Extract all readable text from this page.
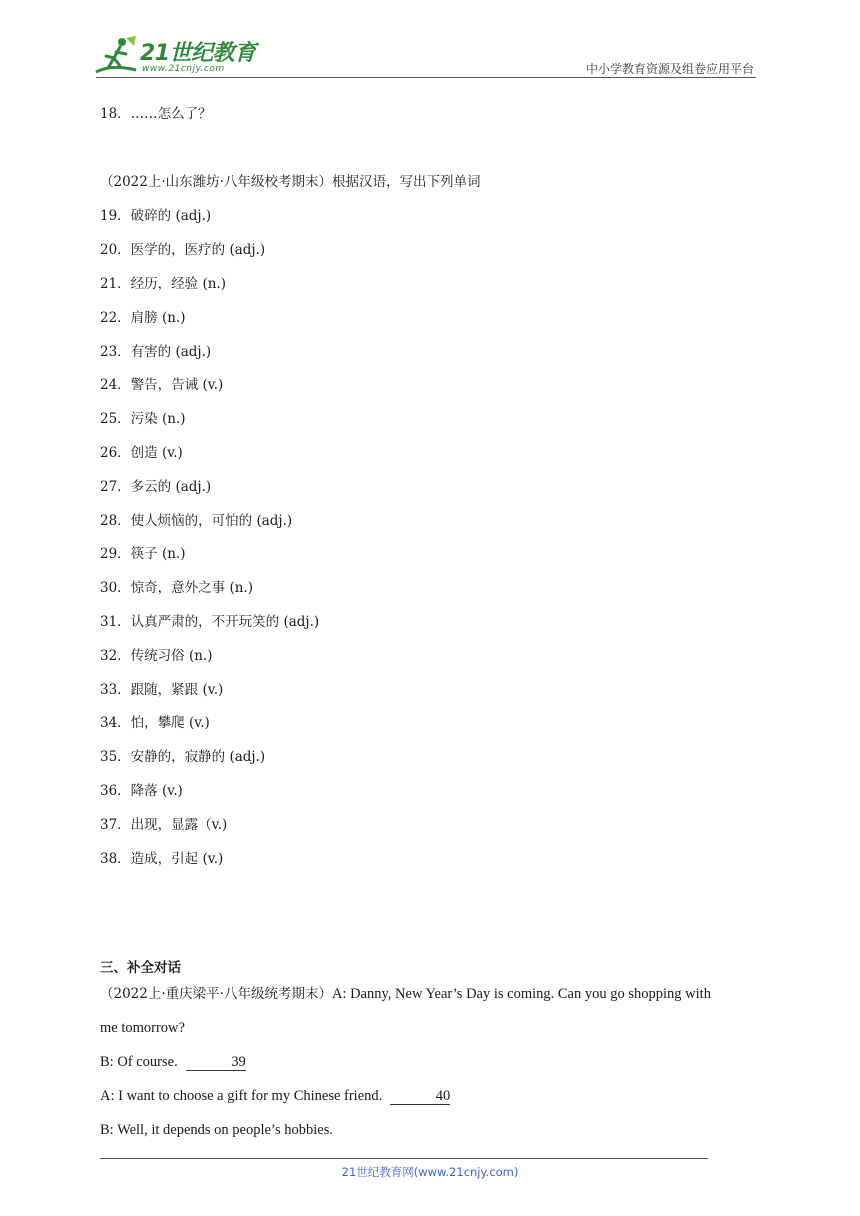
21世纪教育
www.21cnjy.com	中小学教育资源及组卷应用平台
18．……怎么了？
（2022上·山东潍坊·八年级校考期末）根据汉语，写出下列单词
19．破碎的 (adj.)
20．医学的，医疗的 (adj.)
21．经历，经验 (n.)
22．肩膀 (n.)
23．有害的 (adj.)
24．警告，告诫 (v.)
25．污染 (n.)
26．创造 (v.)
27．多云的 (adj.)
28．使人烦恼的，可怕的 (adj.)
29．筷子 (n.)
30．惊奇，意外之事 (n.)
31．认真严肃的，不开玩笑的 (adj.)
32．传统习俗 (n.)
33．跟随，紧跟 (v.)
34．怕，攀爬 (v.)
35．安静的，寂静的 (adj.)
36．降落 (v.)
37．出现，显露（v.)
38．造成，引起 (v.)
三、补全对话
（2022上·重庆梁平·八年级统考期末）A: Danny, New Year’s Day is coming. Can you go shopping with
me tomorrow?
B: Of course.	39
A: I want to choose a gift for my Chinese friend.	40
B: Well, it depends on people’s hobbies.
21世纪教育网(www.21cnjy.com)
